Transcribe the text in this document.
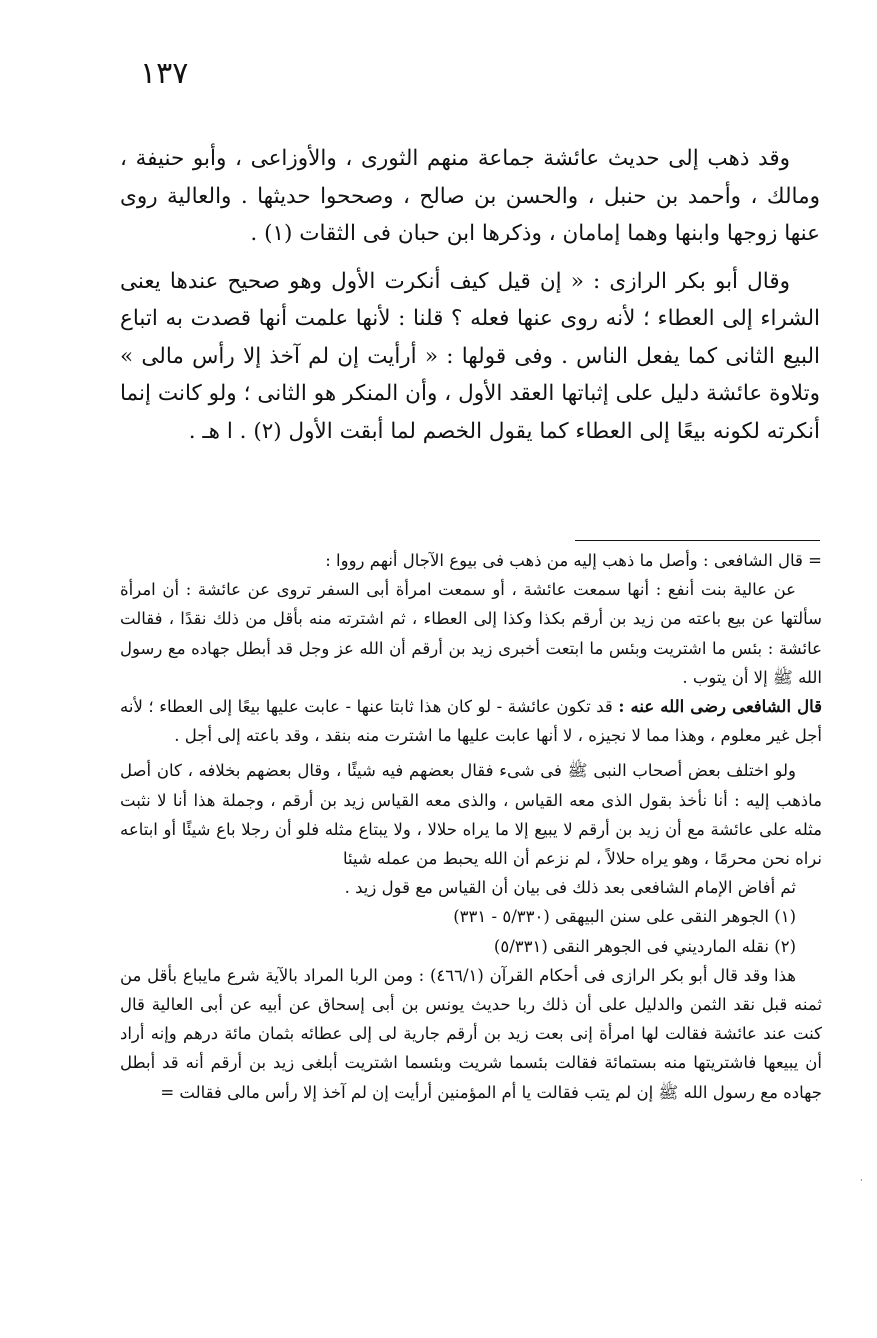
١٣٧

وقد ذهب إلى حديث عائشة جماعة منهم الثورى ، والأوزاعى ، وأبو حنيفة ، ومالك ، وأحمد بن حنبل ، والحسن بن صالح ، وصححوا حديثها . والعالية روى عنها زوجها وابنها وهما إمامان ، وذكرها ابن حبان فى الثقات (١) .

وقال أبو بكر الرازى : « إن قيل كيف أنكرت الأول وهو صحيح عندها يعنى الشراء إلى العطاء ؛ لأنه روى عنها فعله ؟ قلنا : لأنها علمت أنها قصدت به اتباع البيع الثانى كما يفعل الناس . وفى قولها : « أرأيت إن لم آخذ إلا رأس مالى » وتلاوة عائشة دليل على إثباتها العقد الأول ، وأن المنكر هو الثانى ؛ ولو كانت إنما أنكرته لكونه بيعًا إلى العطاء كما يقول الخصم لما أبقت الأول (٢) . ا هـ .

= قال الشافعى : وأصل ما ذهب إليه من ذهب فى بيوع الآجال أنهم رووا :

عن عالية بنت أنفع : أنها سمعت عائشة ، أو سمعت امرأة أبى السفر تروى عن عائشة : أن امرأة سألتها عن بيع باعته من زيد بن أرقم بكذا وكذا إلى العطاء ، ثم اشترته منه بأقل من ذلك نقدًا ، فقالت عائشة : بئس ما اشتريت وبئس ما ابتعت أخبرى زيد بن أرقم أن الله عز وجل قد أبطل جهاده مع رسول الله ﷺ إلا أن يتوب .

قال الشافعى رضى الله عنه : قد تكون عائشة - لو كان هذا ثابتا عنها - عابت عليها بيعًا إلى العطاء ؛ لأنه أجل غير معلوم ، وهذا مما لا نجيزه ، لا أنها عابت عليها ما اشترت منه بنقد ، وقد باعته إلى أجل .

ولو اختلف بعض أصحاب النبى ﷺ فى شىء فقال بعضهم فيه شيئًا ، وقال بعضهم بخلافه ، كان أصل ماذهب إليه : أنا نأخذ بقول الذى معه القياس ، والذى معه القياس زيد بن أرقم ، وجملة هذا أنا لا نثبت مثله على عائشة مع أن زيد بن أرقم لا يبيع إلا ما يراه حلالا ، ولا يبتاع مثله فلو أن رجلا باع شيئًا أو ابتاعه نراه نحن محرمًا ، وهو يراه حلالاً ، لم نزعم أن الله يحبط من عمله شيئا

ثم أفاض الإمام الشافعى بعد ذلك فى بيان أن القياس مع قول زيد .

(١) الجوهر النقى على سنن البيهقى (٥/٣٣٠ - ٣٣١)

(٢) نقله المارديني فى الجوهر النقى (٥/٣٣١)

هذا وقد قال أبو بكر الرازى فى أحكام القرآن (٤٦٦/١) : ومن الربا المراد بالآية شرع مايباع بأقل من ثمنه قبل نقد الثمن والدليل على أن ذلك ربا حديث يونس بن أبى إسحاق عن أبيه عن أبى العالية قال كنت عند عائشة فقالت لها امرأة إنى بعت زيد بن أرقم جارية لى إلى عطائه بثمان مائة درهم وإنه أراد أن يبيعها فاشتريتها منه بستمائة فقالت بئسما شريت وبئسما اشتريت أبلغى زيد بن أرقم أنه قد أبطل جهاده مع رسول الله ﷺ إن لم يتب فقالت يا أم المؤمنين أرأيت إن لم آخذ إلا رأس مالى فقالت =

·
